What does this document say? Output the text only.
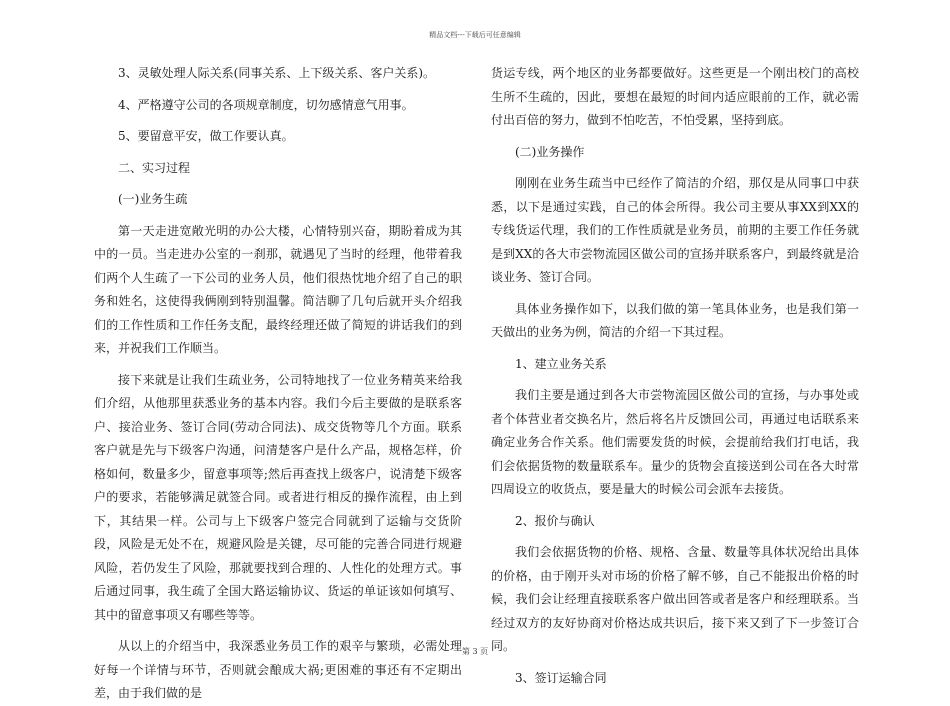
精品文档---下载后可任意编辑

3、灵敏处理人际关系(同事关系、上下级关系、客户关系)。

4、严格遵守公司的各项规章制度，切勿感情意气用事。

5、要留意平安，做工作要认真。

二、实习过程

(一)业务生疏

第一天走进宽敞光明的办公大楼，心情特别兴奋，期盼着成为其中的一员。当走进办公室的一刹那，就遇见了当时的经理，他带着我们两个人生疏了一下公司的业务人员，他们很热忱地介绍了自己的职务和姓名，这使得我俩刚到特别温馨。简洁聊了几句后就开头介绍我们的工作性质和工作任务支配，最终经理还做了简短的讲话我们的到来，并祝我们工作顺当。

接下来就是让我们生疏业务，公司特地找了一位业务精英来给我们介绍，从他那里获悉业务的基本内容。我们今后主要做的是联系客户、接洽业务、签订合同(劳动合同法)、成交货物等几个方面。联系客户就是先与下级客户沟通，问清楚客户是什么产品，规格怎样，价格如何，数量多少，留意事项等;然后再查找上级客户，说清楚下级客户的要求，若能够满足就签合同。或者进行相反的操作流程，由上到下，其结果一样。公司与上下级客户签完合同就到了运输与交货阶段，风险是无处不在，规避风险是关键，尽可能的完善合同进行规避风险，若仍发生了风险，那就要找到合理的、人性化的处理方式。事后通过同事，我生疏了全国大路运输协议、货运的单证该如何填写、其中的留意事项又有哪些等等。

从以上的介绍当中，我深悉业务员工作的艰辛与繁琐，必需处理好每一个详情与环节，否则就会酿成大祸;更困难的事还有不定期出差，由于我们做的是

货运专线，两个地区的业务都要做好。这些更是一个刚出校门的高校生所不生疏的，因此，要想在最短的时间内适应眼前的工作，就必需付出百倍的努力，做到不怕吃苦，不怕受累，坚持到底。

(二)业务操作

刚刚在业务生疏当中已经作了简洁的介绍，那仅是从同事口中获悉，以下是通过实践，自己的体会所得。我公司主要从事XX到XX的专线货运代理，我们的工作性质就是业务员，前期的主要工作任务就是到XX的各大市尝物流园区做公司的宣扬并联系客户，到最终就是洽谈业务、签订合同。

具体业务操作如下，以我们做的第一笔具体业务，也是我们第一天做出的业务为例，简洁的介绍一下其过程。

1、建立业务关系

我们主要是通过到各大市尝物流园区做公司的宣扬，与办事处或者个体营业者交换名片，然后将名片反馈回公司，再通过电话联系来确定业务合作关系。他们需要发货的时候，会提前给我们打电话，我们会依据货物的数量联系车。量少的货物会直接送到公司在各大时常四周设立的收货点，要是量大的时候公司会派车去接货。

2、报价与确认

我们会依据货物的价格、规格、含量、数量等具体状况给出具体的价格，由于刚开头对市场的价格了解不够，自己不能报出价格的时候，我们会让经理直接联系客户做出回答或者是客户和经理联系。当经过双方的友好协商对价格达成共识后，接下来又到了下一步签订合同。

3、签订运输合同

第 3 页
